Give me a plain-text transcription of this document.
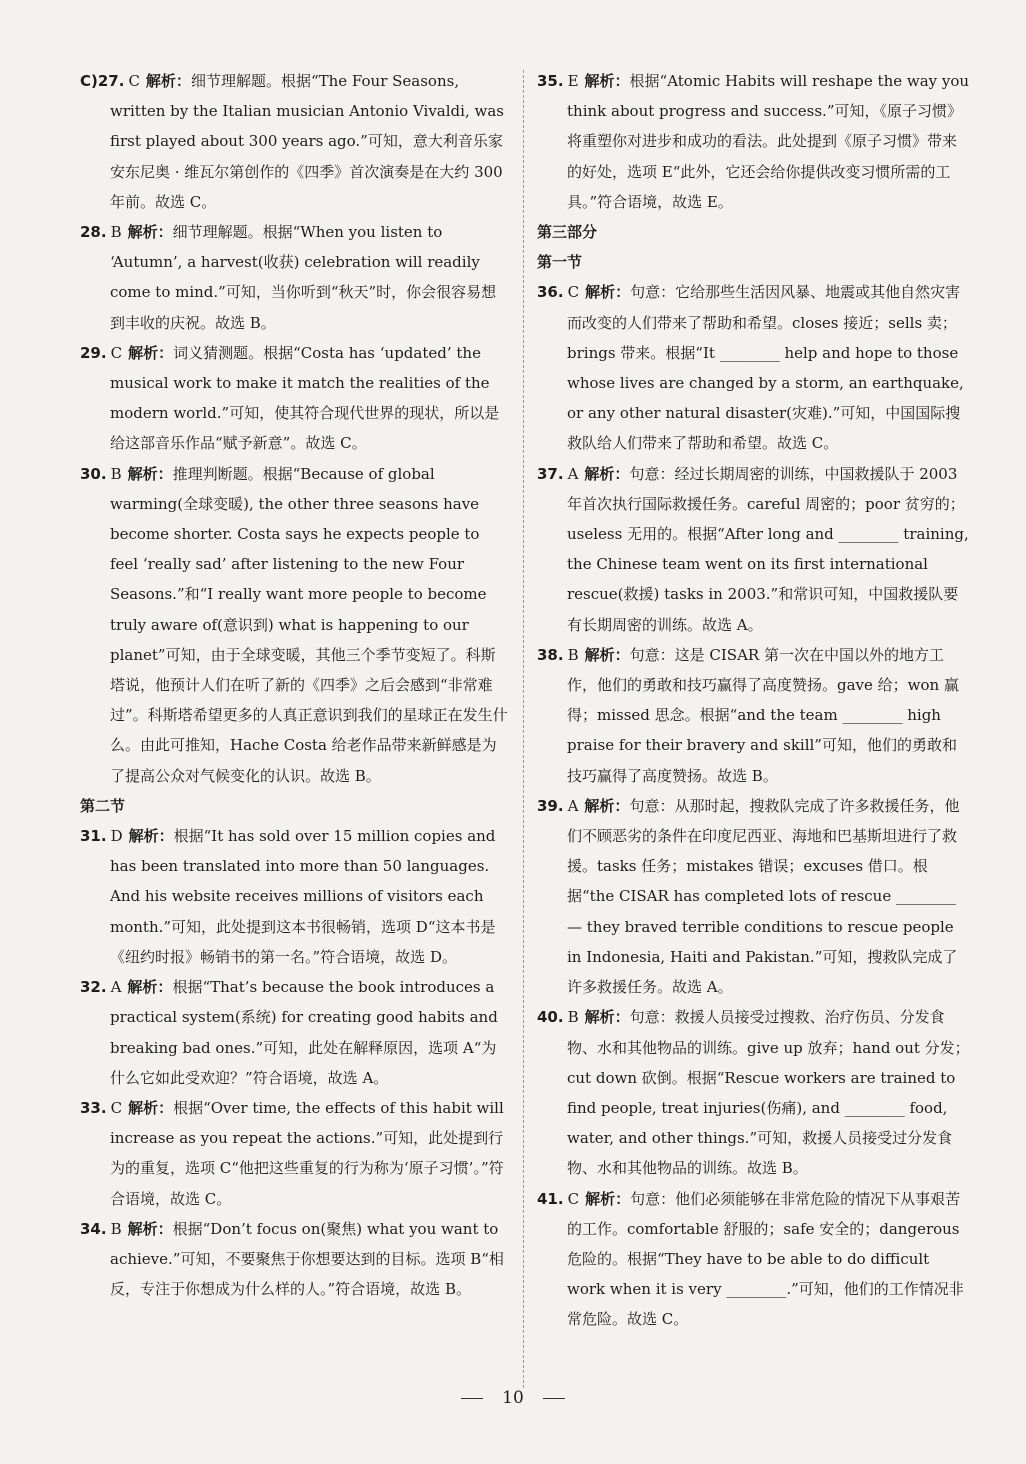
C)27. C 解析：细节理解题。根据“The Four Seasons, written by the Italian musician Antonio Vivaldi, was first played about 300 years ago.”可知，意大利音乐家安东尼奥 · 维瓦尔第创作的《四季》首次演奏是在大约 300 年前。故选 C。
28. B 解析：细节理解题。根据“When you listen to ‘Autumn’, a harvest(收获) celebration will readily come to mind.”可知，当你听到“秋天”时，你会很容易想到丰收的庆祝。故选 B。
29. C 解析：词义猜测题。根据“Costa has ‘updated’ the musical work to make it match the realities of the modern world.”可知，使其符合现代世界的现状，所以是给这部音乐作品“赋予新意”。故选 C。
30. B 解析：推理判断题。根据“Because of global warming(全球变暖), the other three seasons have become shorter. Costa says he expects people to feel ‘really sad’ after listening to the new Four Seasons.”和“I really want more people to become truly aware of(意识到) what is happening to our planet”可知，由于全球变暖，其他三个季节变短了。科斯塔说，他预计人们在听了新的《四季》之后会感到“非常难过”。科斯塔希望更多的人真正意识到我们的星球正在发生什么。由此可推知，Hache Costa 给老作品带来新鲜感是为了提高公众对气候变化的认识。故选 B。
第二节
31. D 解析：根据“It has sold over 15 million copies and has been translated into more than 50 languages. And his website receives millions of visitors each month.”可知，此处提到这本书很畅销，选项 D“这本书是《纽约时报》畅销书的第一名。”符合语境，故选 D。
32. A 解析：根据“That’s because the book introduces a practical system(系统) for creating good habits and breaking bad ones.”可知，此处在解释原因，选项 A“为什么它如此受欢迎？”符合语境，故选 A。
33. C 解析：根据“Over time, the effects of this habit will increase as you repeat the actions.”可知，此处提到行为的重复，选项 C“他把这些重复的行为称为‘原子习惯’。”符合语境，故选 C。
34. B 解析：根据“Don’t focus on(聚焦) what you want to achieve.”可知，不要聚焦于你想要达到的目标。选项 B“相反，专注于你想成为什么样的人。”符合语境，故选 B。
35. E 解析：根据“Atomic Habits will reshape the way you think about progress and success.”可知，《原子习惯》将重塑你对进步和成功的看法。此处提到《原子习惯》带来的好处，选项 E“此外，它还会给你提供改变习惯所需的工具。”符合语境，故选 E。
第三部分
第一节
36. C 解析：句意：它给那些生活因风暴、地震或其他自然灾害而改变的人们带来了帮助和希望。closes 接近；sells 卖；brings 带来。根据“It ________ help and hope to those whose lives are changed by a storm, an earthquake, or any other natural disaster(灾难).”可知，中国国际搜救队给人们带来了帮助和希望。故选 C。
37. A 解析：句意：经过长期周密的训练，中国救援队于 2003 年首次执行国际救援任务。careful 周密的；poor 贫穷的；useless 无用的。根据“After long and ________ training, the Chinese team went on its first international rescue(救援) tasks in 2003.”和常识可知，中国救援队要有长期周密的训练。故选 A。
38. B 解析：句意：这是 CISAR 第一次在中国以外的地方工作，他们的勇敢和技巧赢得了高度赞扬。gave 给；won 赢得；missed 思念。根据“and the team ________ high praise for their bravery and skill”可知，他们的勇敢和技巧赢得了高度赞扬。故选 B。
39. A 解析：句意：从那时起，搜救队完成了许多救援任务，他们不顾恶劣的条件在印度尼西亚、海地和巴基斯坦进行了救援。tasks 任务；mistakes 错误；excuses 借口。根据“the CISAR has completed lots of rescue ________ — they braved terrible conditions to rescue people in Indonesia, Haiti and Pakistan.”可知，搜救队完成了许多救援任务。故选 A。
40. B 解析：句意：救援人员接受过搜救、治疗伤员、分发食物、水和其他物品的训练。give up 放弃；hand out 分发；cut down 砍倒。根据“Rescue workers are trained to find people, treat injuries(伤痛), and ________ food, water, and other things.”可知，救援人员接受过分发食物、水和其他物品的训练。故选 B。
41. C 解析：句意：他们必须能够在非常危险的情况下从事艰苦的工作。comfortable 舒服的；safe 安全的；dangerous 危险的。根据“They have to be able to do difficult work when it is very ________.”可知，他们的工作情况非常危险。故选 C。
10
